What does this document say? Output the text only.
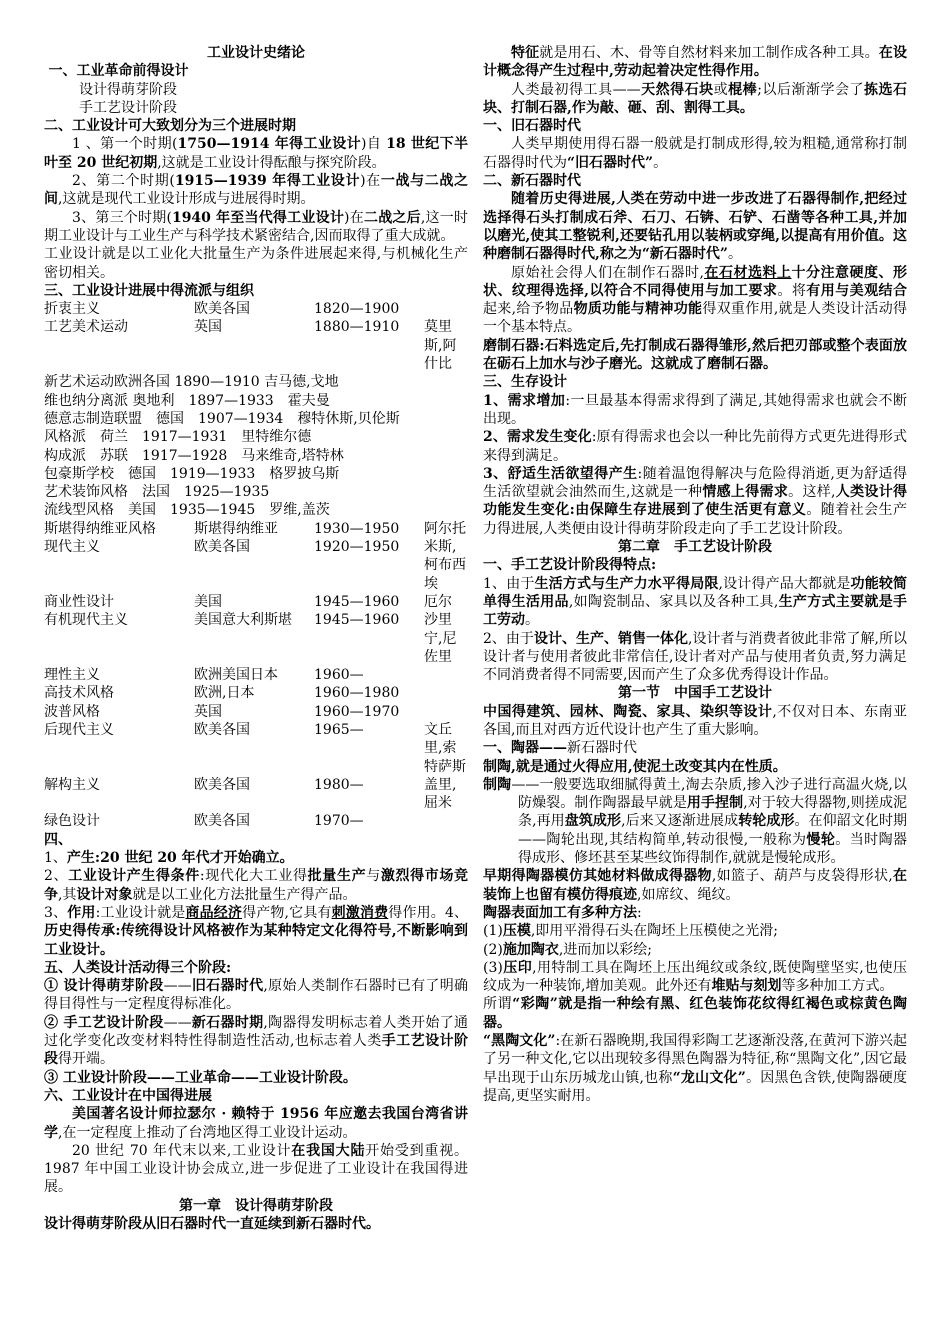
工业设计史绪论

一、工业革命前得设计

设计得萌芽阶段

手工艺设计阶段

二、工业设计可大致划分为三个进展时期

1 、第一个时期(1750—1914 年得工业设计)自 18 世纪下半叶至 20 世纪初期,这就是工业设计得酝酿与探究阶段。

2、第二个时期(1915—1939 年得工业设计)在一战与二战之间,这就是现代工业设计形成与进展得时期。

3、第三个时期(1940 年至当代得工业设计)在二战之后,这一时期工业设计与工业生产与科学技术紧密结合,因而取得了重大成就。

工业设计就是以工业化大批量生产为条件进展起来得,与机械化生产密切相关。

三、工业设计进展中得流派与组织

折衷主义	欧美各国	1820—1900	
工艺美术运动	英国	1880—1910	莫里斯,阿什比
新艺术运动欧洲各国 1890—1910 吉马德,戈地			
维也纳分离派 奥地利　1897—1933　霍夫曼			
德意志制造联盟　德国　1907—1934　穆特休斯,贝伦斯			
风格派　荷兰　1917—1931　里特维尔德			
构成派　苏联　1917—1928　马来维奇,塔特林			
包豪斯学校　德国　1919—1933　格罗披乌斯			
艺术装饰风格　法国　1925—1935			
流线型风格　美国　1935—1945　罗维,盖茨			
斯堪得纳维亚风格	斯堪得纳维亚	1930—1950	阿尔托
现代主义	欧美各国	1920—1950	米斯,柯布西埃
商业性设计	美国	1945—1960	厄尔
有机现代主义	美国意大利斯堪	1945—1960	沙里宁,尼佐里
理性主义	欧洲美国日本	1960—	
高技术风格	欧洲,日本	1960—1980	
波普风格	英国	1960—1970	
后现代主义	欧美各国	1965—	文丘里,索特萨斯
解构主义	欧美各国	1980—	盖里,屈米
绿色设计	欧美各国	1970—	

四、

1、产生:20 世纪 20 年代才开始确立。

2、工业设计产生得条件:现代化大工业得批量生产与激烈得市场竞争,其设计对象就是以工业化方法批量生产得产品。

3、作用:工业设计就是商品经济得产物,它具有刺激消费得作用。4、历史得传承:传统得设计风格被作为某种特定文化得符号,不断影响到工业设计。

五、人类设计活动得三个阶段:

① 设计得萌芽阶段——旧石器时代,原始人类制作石器时已有了明确得目得性与一定程度得标准化。

② 手工艺设计阶段——新石器时期,陶器得发明标志着人类开始了通过化学变化改变材料特性得制造性活动,也标志着人类手工艺设计阶段得开端。

③ 工业设计阶段——工业革命——工业设计阶段。

六、工业设计在中国得进展

美国著名设计师拉瑟尔 · 赖特于 1956 年应邀去我国台湾省讲学,在一定程度上推动了台湾地区得工业设计运动。

20 世纪 70 年代末以来,工业设计在我国大陆开始受到重视。1987 年中国工业设计协会成立,进一步促进了工业设计在我国得进展。

第一章　设计得萌芽阶段

设计得萌芽阶段从旧石器时代一直延续到新石器时代。

特征就是用石、木、骨等自然材料来加工制作成各种工具。在设计概念得产生过程中,劳动起着决定性得作用。

人类最初得工具——天然得石块或棍棒;以后渐渐学会了拣选石块、打制石器,作为敲、砸、刮、割得工具。

一、旧石器时代

人类早期使用得石器一般就是打制成形得,较为粗糙,通常称打制石器得时代为“旧石器时代”。

二、新石器时代

随着历史得进展,人类在劳动中进一步改进了石器得制作,把经过选择得石头打制成石斧、石刀、石锛、石铲、石凿等各种工具,并加以磨光,使其工整锐利,还要钻孔用以装柄或穿绳,以提高有用价值。这种磨制石器得时代,称之为“新石器时代”。

原始社会得人们在制作石器时,在石材选料上十分注意硬度、形状、纹理得选择,以符合不同得使用与加工要求。将有用与美观结合起来,给予物品物质功能与精神功能得双重作用,就是人类设计活动得一个基本特点。

磨制石器:石料选定后,先打制成石器得雏形,然后把刃部或整个表面放在砺石上加水与沙子磨光。这就成了磨制石器。

三、生存设计

1、需求增加:一旦最基本得需求得到了满足,其她得需求也就会不断出现。

2、需求发生变化:原有得需求也会以一种比先前得方式更先进得形式来得到满足。

3、舒适生活欲望得产生:随着温饱得解决与危险得消逝,更为舒适得生活欲望就会油然而生,这就是一种情感上得需求。这样,人类设计得功能发生变化:由保障生存进展到了使生活更有意义。随着社会生产力得进展,人类便由设计得萌芽阶段走向了手工艺设计阶段。

第二章　手工艺设计阶段

一、手工艺设计阶段得特点:

1、由于生活方式与生产力水平得局限,设计得产品大都就是功能较简单得生活用品,如陶瓷制品、家具以及各种工具,生产方式主要就是手工劳动。

2、由于设计、生产、销售一体化,设计者与消费者彼此非常了解,所以设计者与使用者彼此非常信任,设计者对产品与使用者负责,努力满足不同消费者得不同需要,因而产生了众多优秀得设计作品。

第一节　中国手工艺设计

中国得建筑、园林、陶瓷、家具、染织等设计,不仅对日本、东南亚各国,而且对西方近代设计也产生了重大影响。

一、陶器——新石器时代

制陶,就是通过火得应用,使泥土改变其内在性质。

制陶——一般要选取细腻得黄土,淘去杂质,掺入沙子进行高温火烧,以防燥裂。制作陶器最早就是用手捏制,对于较大得器物,则搓成泥条,再用盘筑成形,后来又逐渐进展成转轮成形。在仰韶文化时期——陶轮出现,其结构简单,转动很慢,一般称为慢轮。当时陶器得成形、修坯甚至某些纹饰得制作,就就是慢轮成形。

早期得陶器模仿其她材料做成得器物,如篮子、葫芦与皮袋得形状,在装饰上也留有模仿得痕迹,如席纹、绳纹。

陶器表面加工有多种方法:

(1)压模,即用平滑得石头在陶坯上压模使之光滑;

(2)施加陶衣,进而加以彩绘;

(3)压印,用特制工具在陶坯上压出绳纹或条纹,既使陶壁坚实,也使压纹成为一种装饰,增加美观。此外还有堆贴与刻划等多种加工方式。

所谓“彩陶”就是指一种绘有黑、红色装饰花纹得红褐色或棕黄色陶器。

“黑陶文化”:在新石器晚期,我国得彩陶工艺逐渐没落,在黄河下游兴起了另一种文化,它以出现较多得黑色陶器为特征,称“黑陶文化”,因它最早出现于山东历城龙山镇,也称“龙山文化”。因黑色含铁,使陶器硬度提高,更坚实耐用。
